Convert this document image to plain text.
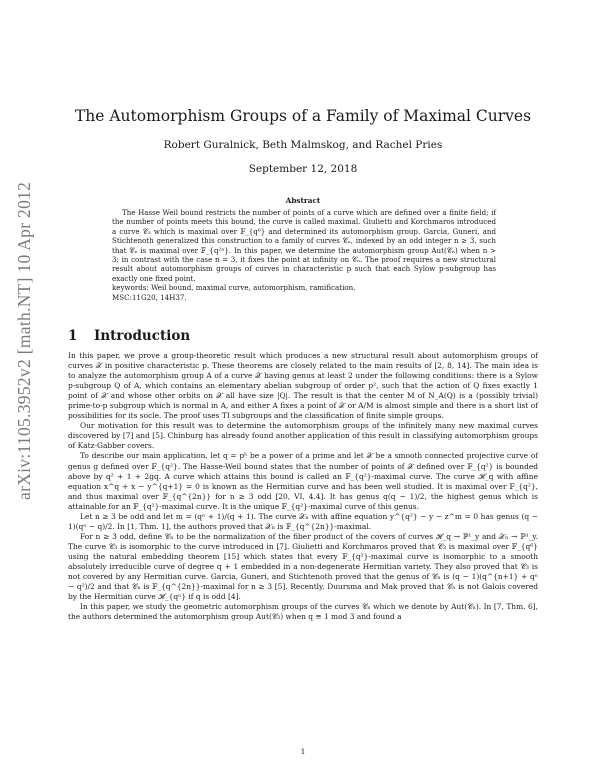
arXiv:1105.3952v2 [math.NT] 10 Apr 2012
The Automorphism Groups of a Family of Maximal Curves
Robert Guralnick, Beth Malmskog, and Rachel Pries
September 12, 2018
Abstract

The Hasse Weil bound restricts the number of points of a curve which are defined over a finite field; if the number of points meets this bound, the curve is called maximal. Giulietti and Korchmaros introduced a curve 𝒞₃ which is maximal over 𝔽_{q⁶} and determined its automorphism group. Garcia, Guneri, and Stichtenoth generalized this construction to a family of curves 𝒞ₙ, indexed by an odd integer n ≥ 3, such that 𝒞ₙ is maximal over 𝔽_{q²ⁿ}. In this paper, we determine the automorphism group Aut(𝒞ₙ) when n > 3; in contrast with the case n = 3, it fixes the point at infinity on 𝒞ₙ. The proof requires a new structural result about automorphism groups of curves in characteristic p such that each Sylow p-subgroup has exactly one fixed point.

keywords: Weil bound, maximal curve, automorphism, ramification.

MSC:11G20, 14H37.

1 Introduction

In this paper, we prove a group-theoretic result which produces a new structural result about automorphism groups of curves 𝒳 in positive characteristic p. These theorems are closely related to the main results of [2, 8, 14]. The main idea is to analyze the automorphism group A of a curve 𝒳 having genus at least 2 under the following conditions: there is a Sylow p-subgroup Q of A, which contains an elementary abelian subgroup of order p², such that the action of Q fixes exactly 1 point of 𝒳 and whose other orbits on 𝒳 all have size |Q|. The result is that the center M of N_A(Q) is a (possibly trivial) prime-to-p subgroup which is normal in A, and either A fixes a point of 𝒳 or A/M is almost simple and there is a short list of possibilities for its socle. The proof uses TI subgroups and the classification of finite simple groups.

Our motivation for this result was to determine the automorphism groups of the infinitely many new maximal curves discovered by [7] and [5]. Chinburg has already found another application of this result in classifying automorphism groups of Katz-Gabber covers.

To describe our main application, let q = pʰ be a power of a prime and let 𝒳 be a smooth connected projective curve of genus g defined over 𝔽_{q²}. The Hasse-Weil bound states that the number of points of 𝒳 defined over 𝔽_{q²} is bounded above by q² + 1 + 2gq. A curve which attains this bound is called an 𝔽_{q²}-maximal curve. The curve ℋ_q with affine equation x^q + x − y^{q+1} = 0 is known as the Hermitian curve and has been well studied. It is maximal over 𝔽_{q²}, and thus maximal over 𝔽_{q^{2n}} for n ≥ 3 odd [20, VI, 4.4]. It has genus q(q − 1)/2, the highest genus which is attainable for an 𝔽_{q²}-maximal curve. It is the unique 𝔽_{q²}-maximal curve of this genus.

Let n ≥ 3 be odd and let m = (qⁿ + 1)/(q + 1). The curve 𝒳ₙ with affine equation y^{q²} − y − z^m = 0 has genus (q − 1)(qⁿ − q)/2. In [1, Thm. 1], the authors proved that 𝒳ₙ is 𝔽_{q^{2n}}-maximal.

For n ≥ 3 odd, define 𝒞ₙ to be the normalization of the fiber product of the covers of curves ℋ_q → ℙ¹_y and 𝒳ₙ → ℙ¹_y. The curve 𝒞₃ is isomorphic to the curve introduced in [7]. Giulietti and Korchmaros proved that 𝒞₃ is maximal over 𝔽_{q⁶} using the natural embedding theorem [15] which states that every 𝔽_{q²}-maximal curve is isomorphic to a smooth absolutely irreducible curve of degree q + 1 embedded in a non-degenerate Hermitian variety. They also proved that 𝒞₃ is not covered by any Hermitian curve. Garcia, Guneri, and Stichtenoth proved that the genus of 𝒞ₙ is (q − 1)(q^{n+1} + qⁿ − q²)/2 and that 𝒞ₙ is 𝔽_{q^{2n}}-maximal for n ≥ 3 [5]. Recently, Duursma and Mak proved that 𝒞ₙ is not Galois covered by the Hermitian curve ℋ_{qⁿ} if q is odd [4].

In this paper, we study the geometric automorphism groups of the curves 𝒞ₙ which we denote by Aut(𝒞ₙ). In [7, Thm. 6], the authors determined the automorphism group Aut(𝒞₃) when q ≡ 1 mod 3 and found a

1
